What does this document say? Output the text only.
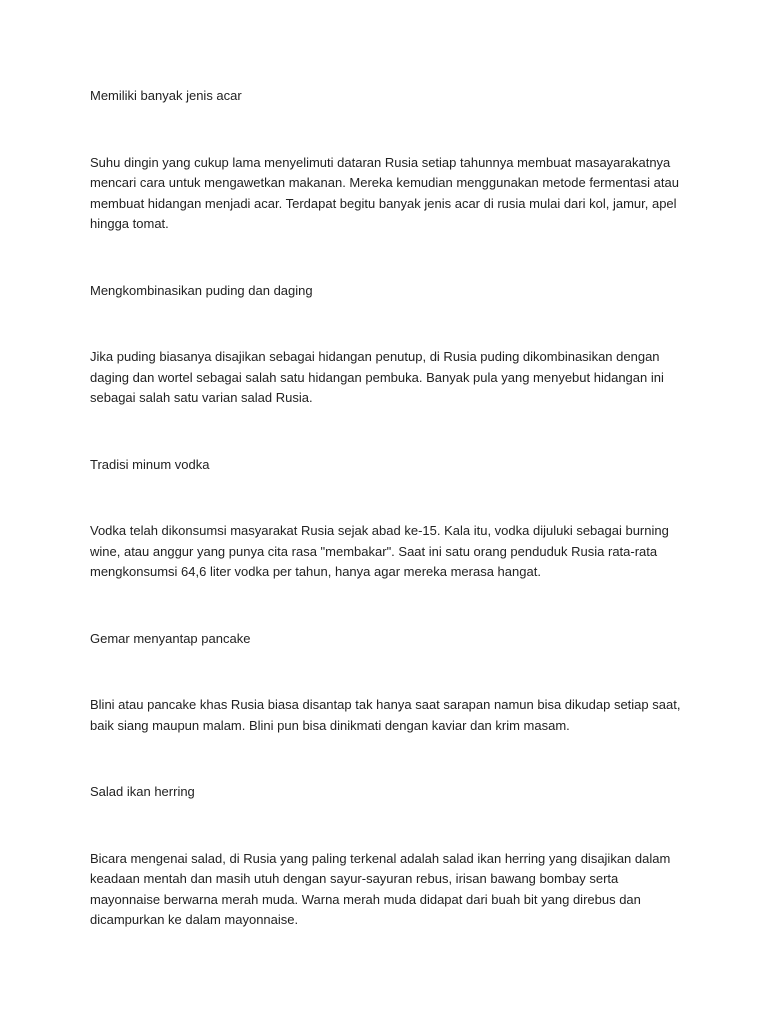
Memiliki banyak jenis acar

Suhu dingin yang cukup lama menyelimuti dataran Rusia setiap tahunnya membuat masayarakatnya mencari cara untuk mengawetkan makanan. Mereka kemudian menggunakan metode fermentasi atau membuat hidangan menjadi acar. Terdapat begitu banyak jenis acar di rusia mulai dari kol, jamur, apel hingga tomat.

Mengkombinasikan puding dan daging

Jika puding biasanya disajikan sebagai hidangan penutup, di Rusia puding dikombinasikan dengan daging dan wortel sebagai salah satu hidangan pembuka. Banyak pula yang menyebut hidangan ini sebagai salah satu varian salad Rusia.

Tradisi minum vodka

Vodka telah dikonsumsi masyarakat Rusia sejak abad ke-15. Kala itu, vodka dijuluki sebagai burning wine, atau anggur yang punya cita rasa "membakar". Saat ini satu orang penduduk Rusia rata-rata mengkonsumsi 64,6 liter vodka per tahun, hanya agar mereka merasa hangat.

Gemar menyantap pancake

Blini atau pancake khas Rusia biasa disantap tak hanya saat sarapan namun bisa dikudap setiap saat, baik siang maupun malam. Blini pun bisa dinikmati dengan kaviar dan krim masam.

Salad ikan herring

Bicara mengenai salad, di Rusia yang paling terkenal adalah salad ikan herring yang disajikan dalam keadaan mentah dan masih utuh dengan sayur-sayuran rebus, irisan bawang bombay serta mayonnaise berwarna merah muda. Warna merah muda didapat dari buah bit yang direbus dan dicampurkan ke dalam mayonnaise.
